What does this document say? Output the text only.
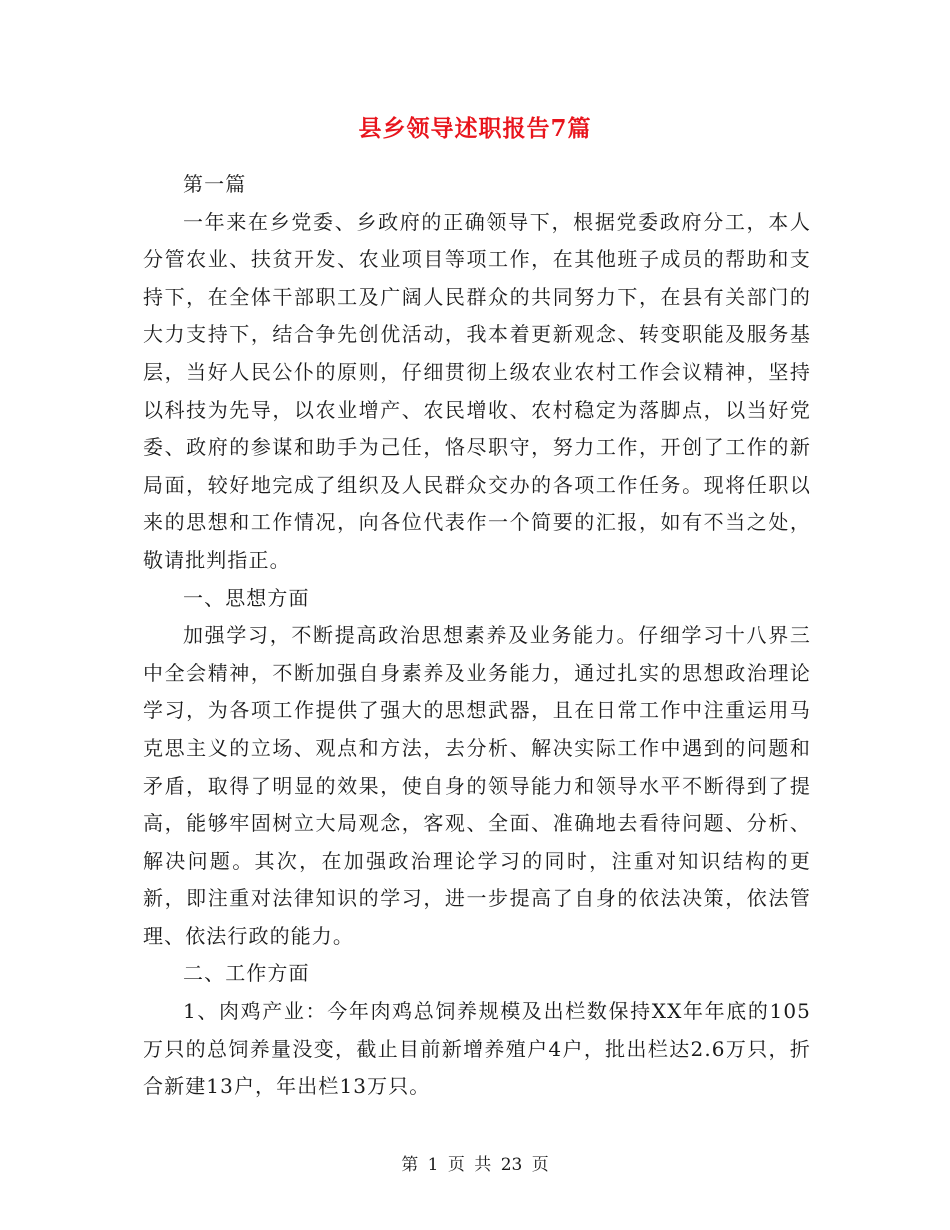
县乡领导述职报告7篇

第一篇

一年来在乡党委、乡政府的正确领导下，根据党委政府分工，本人分管农业、扶贫开发、农业项目等项工作，在其他班子成员的帮助和支持下，在全体干部职工及广阔人民群众的共同努力下，在县有关部门的大力支持下，结合争先创优活动，我本着更新观念、转变职能及服务基层，当好人民公仆的原则，仔细贯彻上级农业农村工作会议精神，坚持以科技为先导，以农业增产、农民增收、农村稳定为落脚点，以当好党委、政府的参谋和助手为己任，恪尽职守，努力工作，开创了工作的新局面，较好地完成了组织及人民群众交办的各项工作任务。现将任职以来的思想和工作情况，向各位代表作一个简要的汇报，如有不当之处，敬请批判指正。

一、思想方面

加强学习，不断提高政治思想素养及业务能力。仔细学习十八界三中全会精神，不断加强自身素养及业务能力，通过扎实的思想政治理论学习，为各项工作提供了强大的思想武器，且在日常工作中注重运用马克思主义的立场、观点和方法，去分析、解决实际工作中遇到的问题和矛盾，取得了明显的效果，使自身的领导能力和领导水平不断得到了提高，能够牢固树立大局观念，客观、全面、准确地去看待问题、分析、解决问题。其次，在加强政治理论学习的同时，注重对知识结构的更新，即注重对法律知识的学习，进一步提高了自身的依法决策，依法管理、依法行政的能力。

二、工作方面

1、肉鸡产业：今年肉鸡总饲养规模及出栏数保持XX年年底的105万只的总饲养量没变，截止目前新增养殖户4户，批出栏达2.6万只，折合新建13户，年出栏13万只。

第 1 页 共 23 页
